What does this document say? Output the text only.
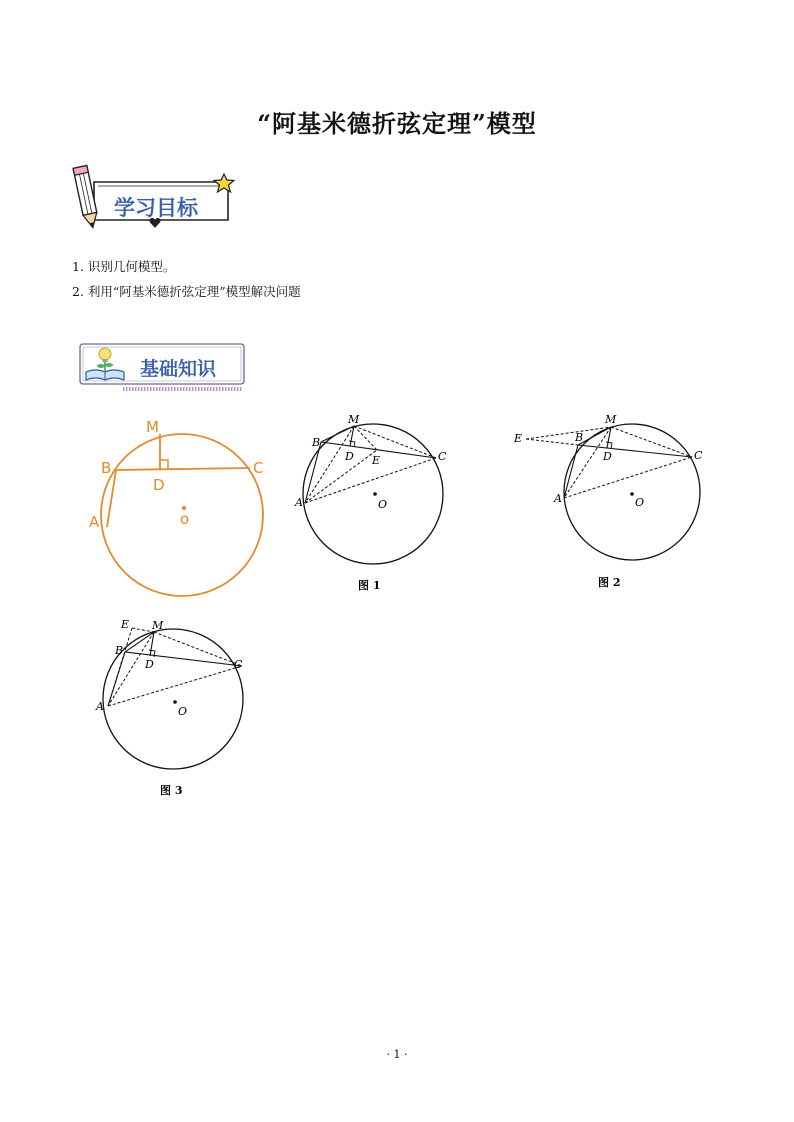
“阿基米德折弦定理”模型
学习目标
1. 识别几何模型。
2. 利用“阿基米德折弦定理”模型解决问题
基础知识
M
B	C
D
A	o
M
B
D E	C
A	O
图 1
E
M
B
D	C
A	O
图 2
E M
B
D	C
A	O
图 3
· 1 ·
